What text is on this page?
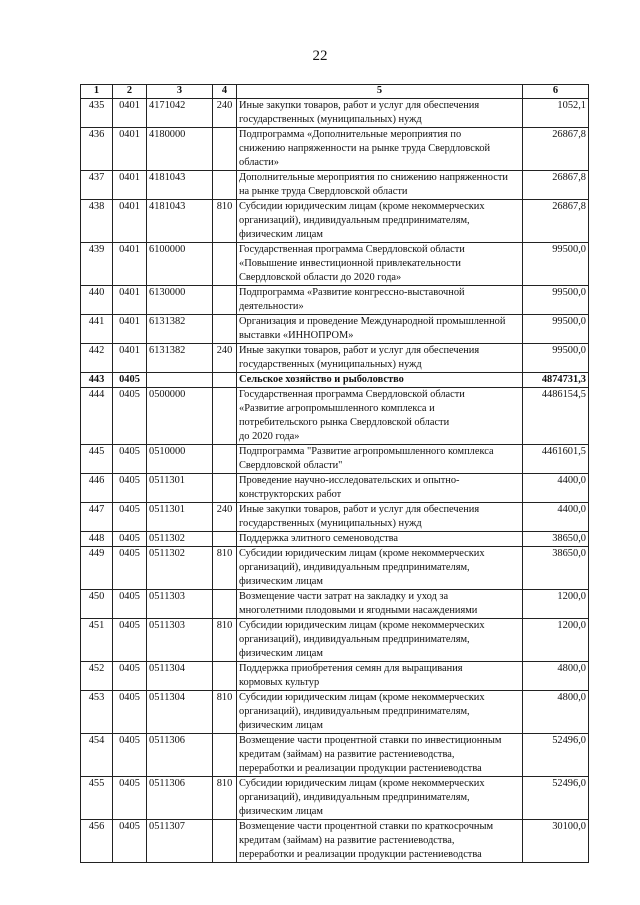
22
1	2	3	4	5	6
435	0401	4171042	240	Иные закупки товаров, работ и услуг для обеспечения
государственных (муниципальных) нужд	1052,1
436	0401	4180000		Подпрограмма «Дополнительные мероприятия по
снижению напряженности на рынке труда Свердловской
области»	26867,8
437	0401	4181043		Дополнительные мероприятия по снижению напряженности
на рынке труда Свердловской области	26867,8
438	0401	4181043	810	Субсидии юридическим лицам (кроме некоммерческих
организаций), индивидуальным предпринимателям,
физическим лицам	26867,8
439	0401	6100000		Государственная программа Свердловской области
«Повышение инвестиционной привлекательности
Свердловской области до 2020 года»	99500,0
440	0401	6130000		Подпрограмма «Развитие конгрессно-выставочной
деятельности»	99500,0
441	0401	6131382		Организация и проведение Международной промышленной
выставки «ИННОПРОМ»	99500,0
442	0401	6131382	240	Иные закупки товаров, работ и услуг для обеспечения
государственных (муниципальных) нужд	99500,0
443	0405			Сельское хозяйство и рыболовство	4874731,3
444	0405	0500000		Государственная программа Свердловской области
«Развитие агропромышленного комплекса и
потребительского рынка Свердловской области
до 2020 года»	4486154,5
445	0405	0510000		Подпрограмма "Развитие агропромышленного комплекса
Свердловской области"	4461601,5
446	0405	0511301		Проведение научно-исследовательских и опытно-
конструкторских работ	4400,0
447	0405	0511301	240	Иные закупки товаров, работ и услуг для обеспечения
государственных (муниципальных) нужд	4400,0
448	0405	0511302		Поддержка элитного семеноводства	38650,0
449	0405	0511302	810	Субсидии юридическим лицам (кроме некоммерческих
организаций), индивидуальным предпринимателям,
физическим лицам	38650,0
450	0405	0511303		Возмещение части затрат на закладку и уход за
многолетними плодовыми и ягодными насаждениями	1200,0
451	0405	0511303	810	Субсидии юридическим лицам (кроме некоммерческих
организаций), индивидуальным предпринимателям,
физическим лицам	1200,0
452	0405	0511304		Поддержка приобретения семян для выращивания
кормовых культур	4800,0
453	0405	0511304	810	Субсидии юридическим лицам (кроме некоммерческих
организаций), индивидуальным предпринимателям,
физическим лицам	4800,0
454	0405	0511306		Возмещение части процентной ставки по инвестиционным
кредитам (займам) на развитие растениеводства,
переработки и реализации продукции растениеводства	52496,0
455	0405	0511306	810	Субсидии юридическим лицам (кроме некоммерческих
организаций), индивидуальным предпринимателям,
физическим лицам	52496,0
456	0405	0511307		Возмещение части процентной ставки по краткосрочным
кредитам (займам) на развитие растениеводства,
переработки и реализации продукции растениеводства	30100,0
